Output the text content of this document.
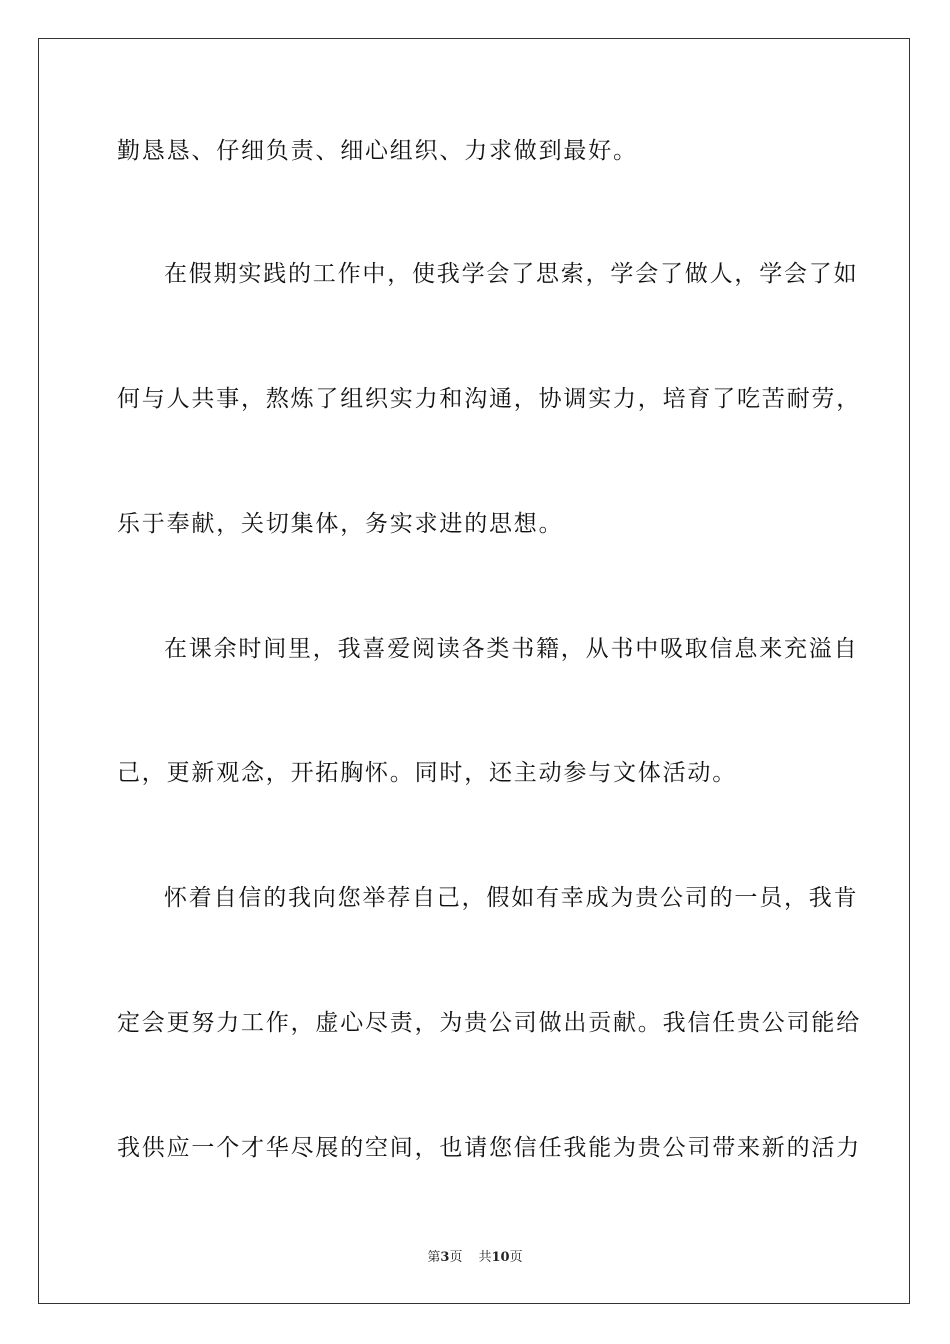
勤恳恳、仔细负责、细心组织、力求做到最好。
在假期实践的工作中，使我学会了思索，学会了做人，学会了如
何与人共事，熬炼了组织实力和沟通，协调实力，培育了吃苦耐劳，
乐于奉献，关切集体，务实求进的思想。
在课余时间里，我喜爱阅读各类书籍，从书中吸取信息来充溢自
己，更新观念，开拓胸怀。同时，还主动参与文体活动。
怀着自信的我向您举荐自己，假如有幸成为贵公司的一员，我肯
定会更努力工作，虚心尽责，为贵公司做出贡献。我信任贵公司能给
我供应一个才华尽展的空间，也请您信任我能为贵公司带来新的活力
第3页 共10页
